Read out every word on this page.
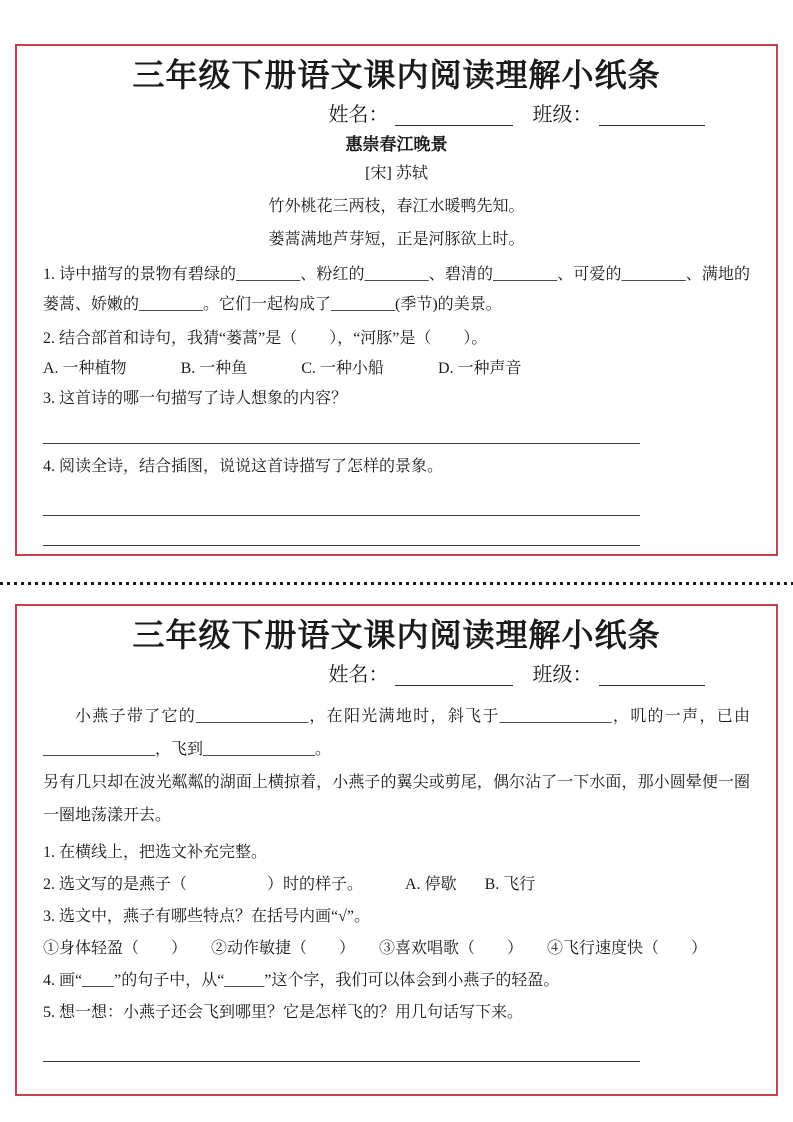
三年级下册语文课内阅读理解小纸条
姓名：	班级：
惠崇春江晚景
[宋] 苏轼
竹外桃花三两枝，春江水暖鸭先知。
蒌蒿满地芦芽短，正是河豚欲上时。

1. 诗中描写的景物有碧绿的________、粉红的________、碧清的________、可爱的________、满地的蒌蒿、娇嫩的________。它们一起构成了________(季节)的美景。

2. 结合部首和诗句，我猜“蒌蒿”是（　　），“河豚”是（　　）。

A. 一种植物	B. 一种鱼	C. 一种小船	D. 一种声音

3. 这首诗的哪一句描写了诗人想象的内容？

4. 阅读全诗，结合插图，说说这首诗描写了怎样的景象。

三年级下册语文课内阅读理解小纸条
姓名：	班级：

小燕子带了它的______________，在阳光满地时，斜飞于______________，叽的一声，已由______________，飞到______________。

另有几只却在波光粼粼的湖面上横掠着，小燕子的翼尖或剪尾，偶尔沾了一下水面，那小圆晕便一圈一圈地荡漾开去。

1. 在横线上，把选文补充完整。

2. 选文写的是燕子（　　　　　）时的样子。	A. 停歇 B. 飞行

3. 选文中，燕子有哪些特点？在括号内画“√”。

①身体轻盈（　　） ②动作敏捷（　　） ③喜欢唱歌（　　） ④飞行速度快（　　）

4. 画“____”的句子中，从“_____”这个字，我们可以体会到小燕子的轻盈。

5. 想一想：小燕子还会飞到哪里？它是怎样飞的？用几句话写下来。
